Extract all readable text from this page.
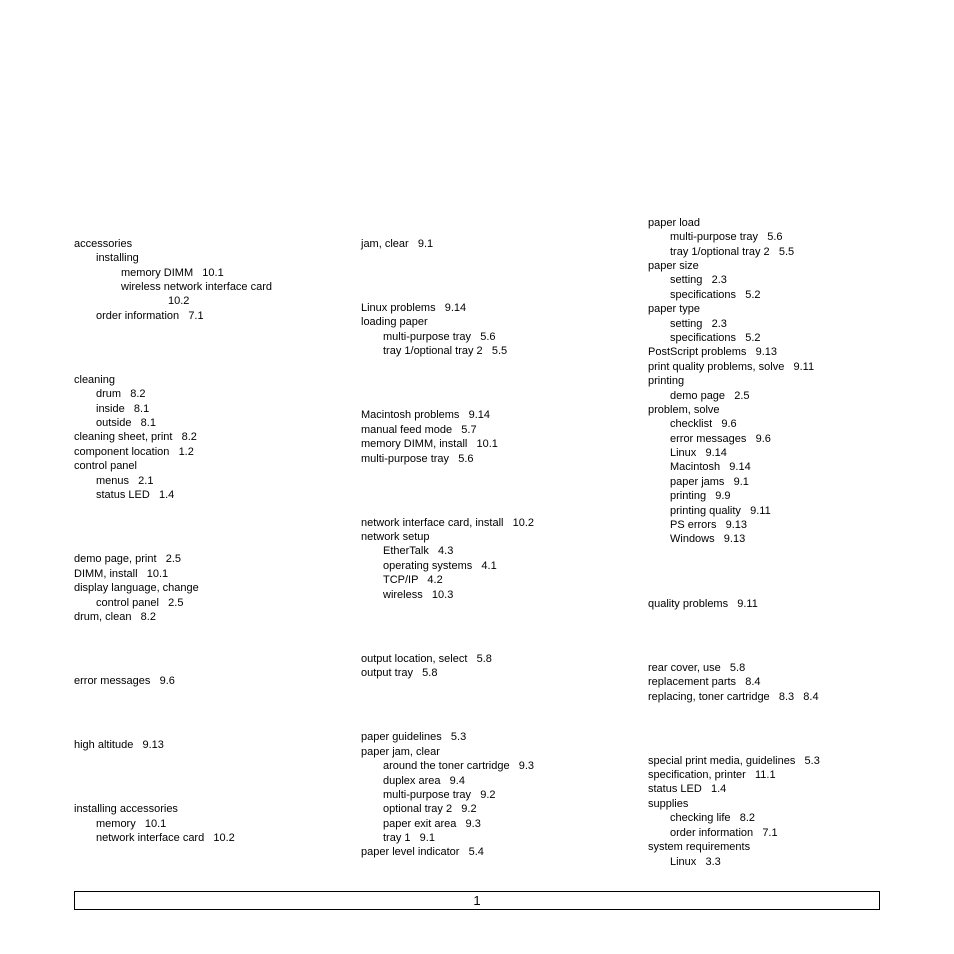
accessories
installing
memory DIMM   10.1
wireless network interface card
10.2
order information   7.1
cleaning
drum   8.2
inside   8.1
outside   8.1
cleaning sheet, print   8.2
component location   1.2
control panel
menus   2.1
status LED   1.4
demo page, print   2.5
DIMM, install   10.1
display language, change
control panel   2.5
drum, clean   8.2
error messages   9.6
high altitude   9.13
installing accessories
memory   10.1
network interface card   10.2
jam, clear   9.1
Linux problems   9.14
loading paper
multi-purpose tray   5.6
tray 1/optional tray 2   5.5
Macintosh problems   9.14
manual feed mode   5.7
memory DIMM, install   10.1
multi-purpose tray   5.6
network interface card, install   10.2
network setup
EtherTalk   4.3
operating systems   4.1
TCP/IP   4.2
wireless   10.3
output location, select   5.8
output tray   5.8
paper guidelines   5.3
paper jam, clear
around the toner cartridge   9.3
duplex area   9.4
multi-purpose tray   9.2
optional tray 2   9.2
paper exit area   9.3
tray 1   9.1
paper level indicator   5.4
paper load
multi-purpose tray   5.6
tray 1/optional tray 2   5.5
paper size
setting   2.3
specifications   5.2
paper type
setting   2.3
specifications   5.2
PostScript problems   9.13
print quality problems, solve   9.11
printing
demo page   2.5
problem, solve
checklist   9.6
error messages   9.6
Linux   9.14
Macintosh   9.14
paper jams   9.1
printing   9.9
printing quality   9.11
PS errors   9.13
Windows   9.13
quality problems   9.11
rear cover, use   5.8
replacement parts   8.4
replacing, toner cartridge   8.3   8.4
special print media, guidelines   5.3
specification, printer   11.1
status LED   1.4
supplies
checking life   8.2
order information   7.1
system requirements
Linux   3.3
1
